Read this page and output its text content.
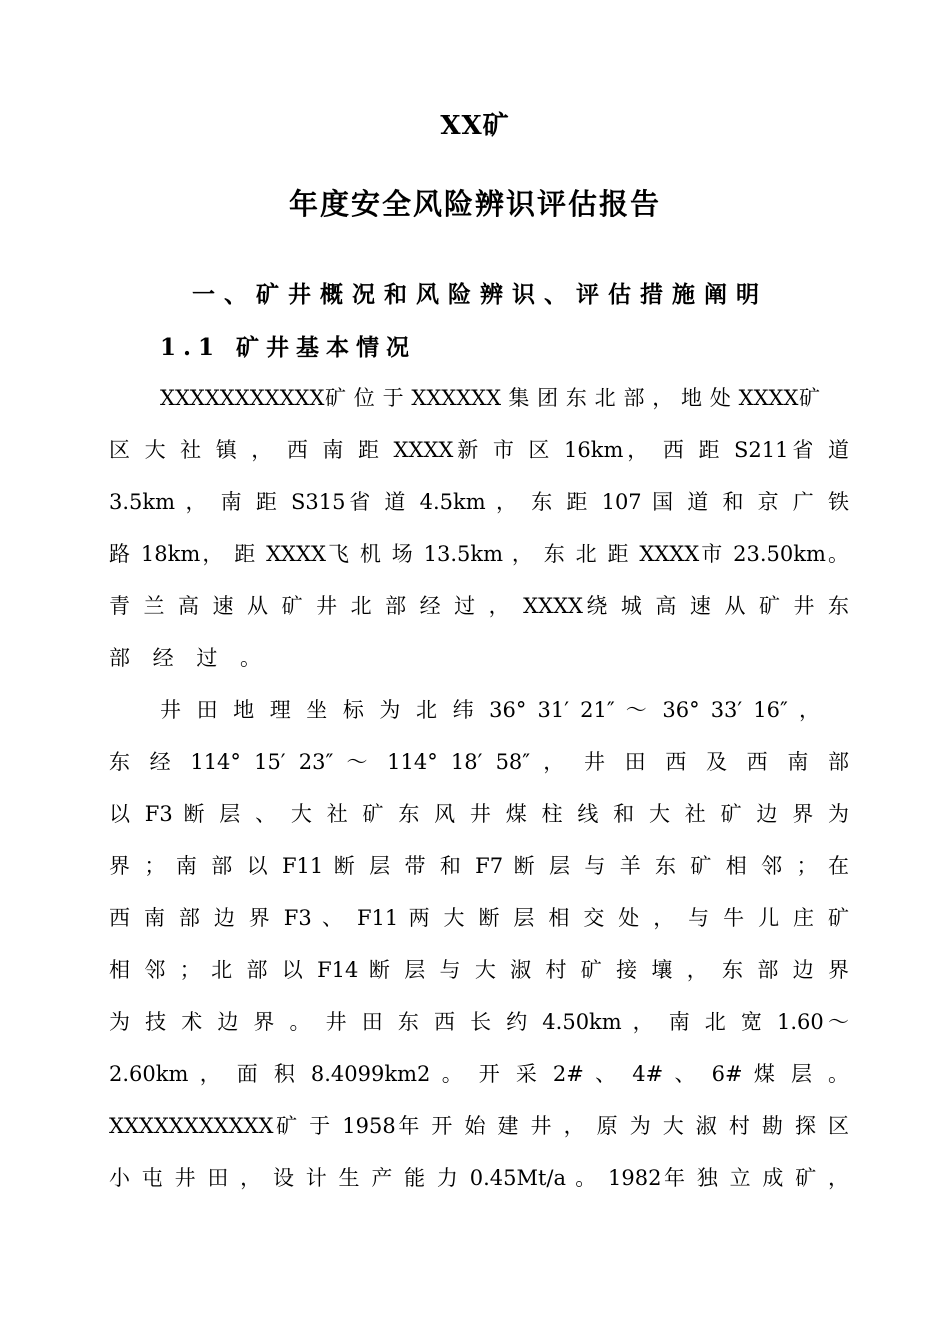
XX矿
年度安全风险辨识评估报告
一、矿井概况和风险辨识、评估措施阐明
1.1 矿井基本情况
XXXXXXXXXXX矿 位 于 XXXXXX 集 团 东 北 部 ， 地 处 XXXX矿
区 大 社 镇 ， 西 南 距 XXXX新 市 区 16km， 西 距 S211省 道
3.5km ， 南 距 S315省 道 4.5km ， 东 距 107 国 道 和 京 广 铁
路 18km， 距 XXXX飞 机 场 13.5km ， 东 北 距 XXXX市 23.50km。
青 兰 高 速 从 矿 井 北 部 经 过 ， XXXX绕 城 高 速 从 矿 井 东
部 经 过 。
井 田 地 理 坐 标 为 北 纬 36° 31′ 21″ ～ 36° 33′ 16″ ，
东 经 114° 15′ 23″ ～ 114° 18′ 58″ ， 井 田 西 及 西 南 部
以 F3 断 层 、 大 社 矿 东 风 井 煤 柱 线 和 大 社 矿 边 界 为
界 ； 南 部 以 F11 断 层 带 和 F7 断 层 与 羊 东 矿 相 邻 ； 在
西 南 部 边 界 F3 、 F11 两 大 断 层 相 交 处 ， 与 牛 儿 庄 矿
相 邻 ； 北 部 以 F14 断 层 与 大 淑 村 矿 接 壤 ， 东 部 边 界
为 技 术 边 界 。 井 田 东 西 长 约 4.50km ， 南 北 宽 1.60～
2.60km ， 面 积 8.4099km2 。 开 采 2# 、 4# 、 6# 煤 层 。
XXXXXXXXXXX矿 于 1958年 开 始 建 井 ， 原 为 大 淑 村 勘 探 区
小 屯 井 田 ， 设 计 生 产 能 力 0.45Mt/a 。 1982年 独 立 成 矿 ，
